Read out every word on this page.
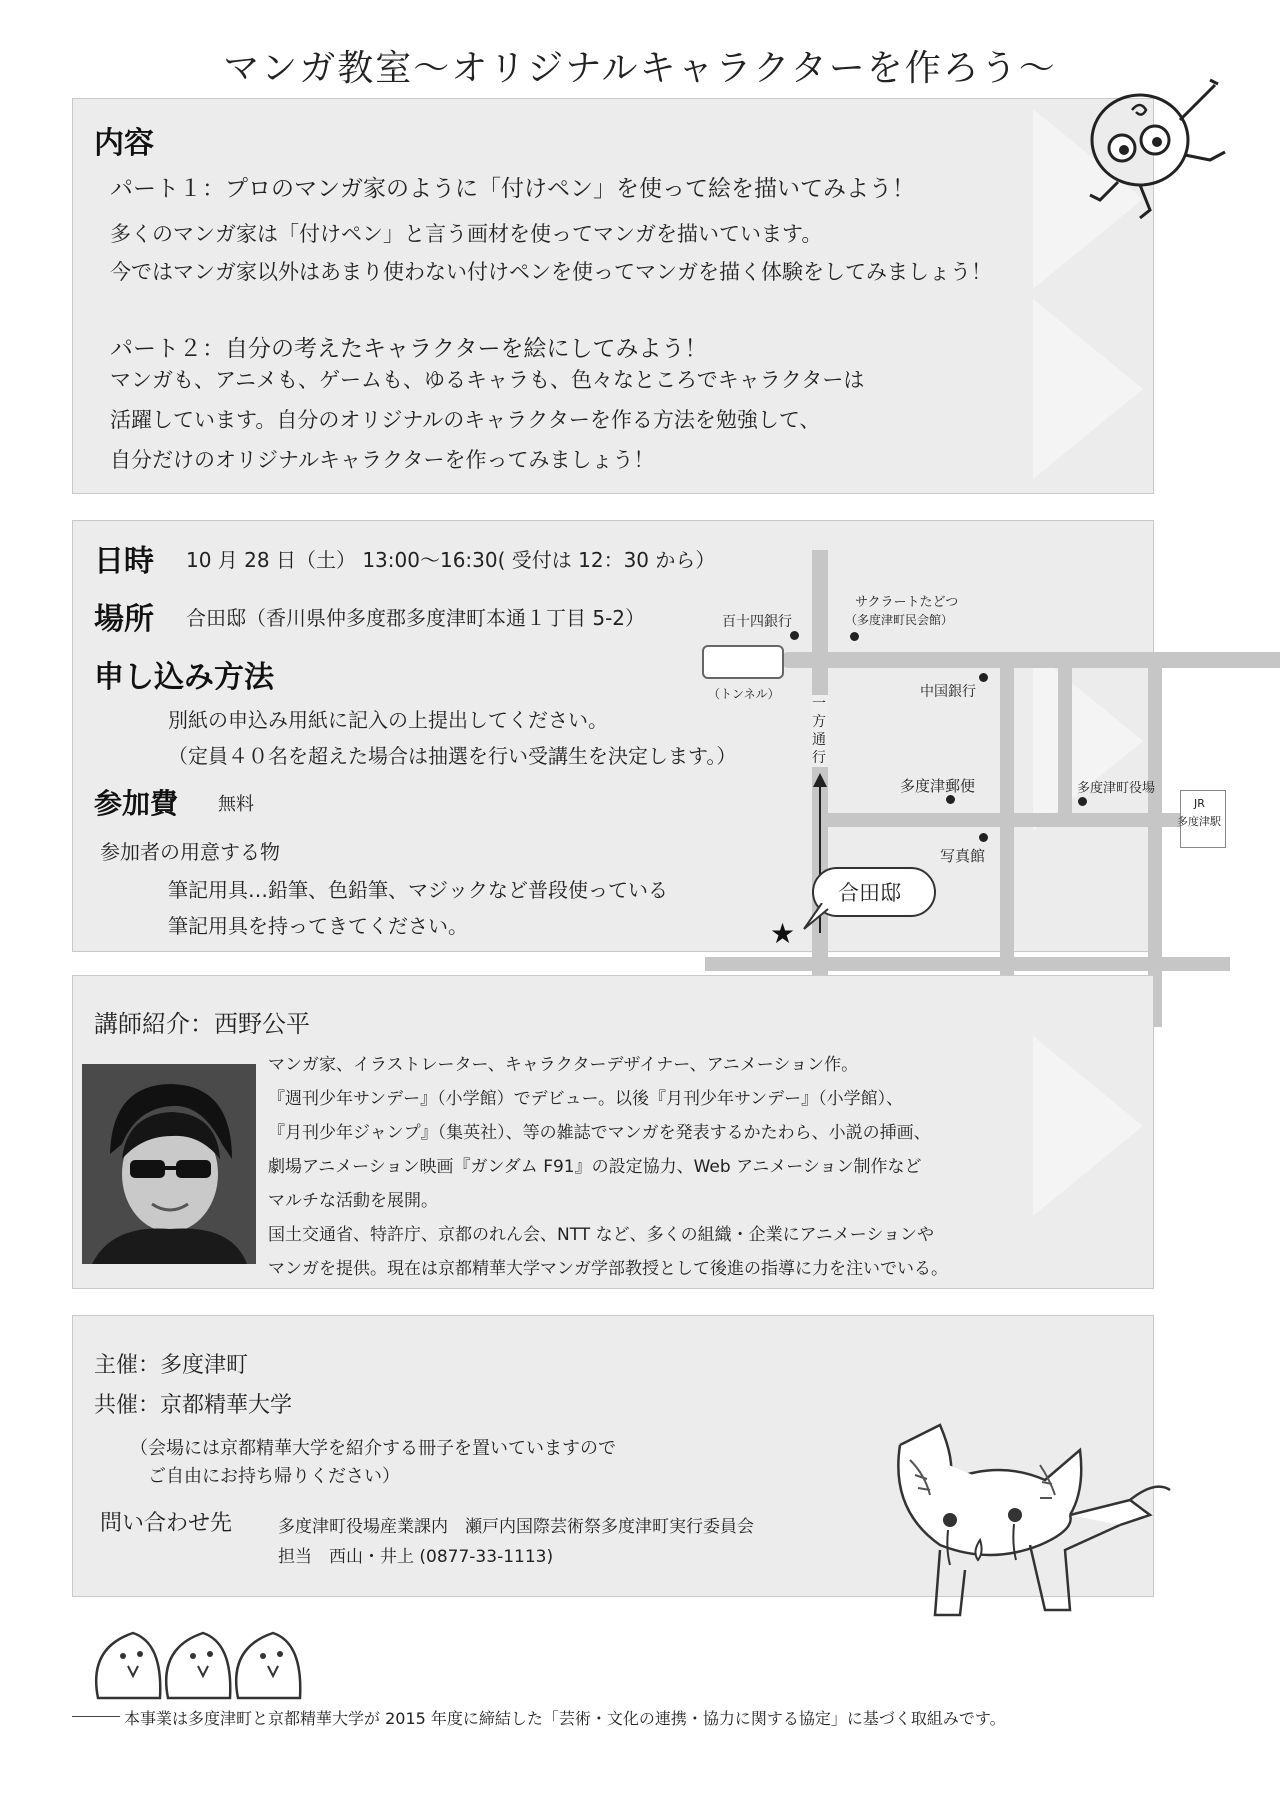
マンガ教室〜オリジナルキャラクターを作ろう〜
内容
パート１：プロのマンガ家のように「付けペン」を使って絵を描いてみよう！
多くのマンガ家は「付けペン」と言う画材を使ってマンガを描いています。
今ではマンガ家以外はあまり使わない付けペンを使ってマンガを描く体験をしてみましょう！
パート２：自分の考えたキャラクターを絵にしてみよう！
マンガも、アニメも、ゲームも、ゆるキャラも、色々なところでキャラクターは
活躍しています。自分のオリジナルのキャラクターを作る方法を勉強して、
自分だけのオリジナルキャラクターを作ってみましょう！
日時 10 月 28 日（土） 13:00〜16:30( 受付は 12：30 から）
場所 合田邸（香川県仲多度郡多度津町本通１丁目 5-2）
申し込み方法
別紙の申込み用紙に記入の上提出してください。
（定員４０名を超えた場合は抽選を行い受講生を決定します。）
参加費 無料
参加者の用意する物
筆記用具…鉛筆、色鉛筆、マジックなど普段使っている
筆記用具を持ってきてください。
（トンネル）
一方通行
百十四銀行
サクラートたどつ
（多度津町民会館）
中国銀行
多度津郵便	多度津町役場
JR
多度津駅
写真館
合田邸
★
講師紹介：西野公平
マンガ家、イラストレーター、キャラクターデザイナー、アニメーション作。
『週刊少年サンデー』（小学館）でデビュー。以後『月刊少年サンデー』（小学館）、
『月刊少年ジャンプ』（集英社）、等の雑誌でマンガを発表するかたわら、小説の挿画、
劇場アニメーション映画『ガンダム F91』の設定協力、Web アニメーション制作など
マルチな活動を展開。
国土交通省、特許庁、京都のれん会、NTT など、多くの組織・企業にアニメーションや
マンガを提供。現在は京都精華大学マンガ学部教授として後進の指導に力を注いでいる。
主催：多度津町
共催：京都精華大学
（会場には京都精華大学を紹介する冊子を置いていますので
ご自由にお持ち帰りください）
問い合わせ先	多度津町役場産業課内　瀬戸内国際芸術祭多度津町実行委員会
担当　西山・井上 (0877-33-1113)
本事業は多度津町と京都精華大学が 2015 年度に締結した「芸術・文化の連携・協力に関する協定」に基づく取組みです。
